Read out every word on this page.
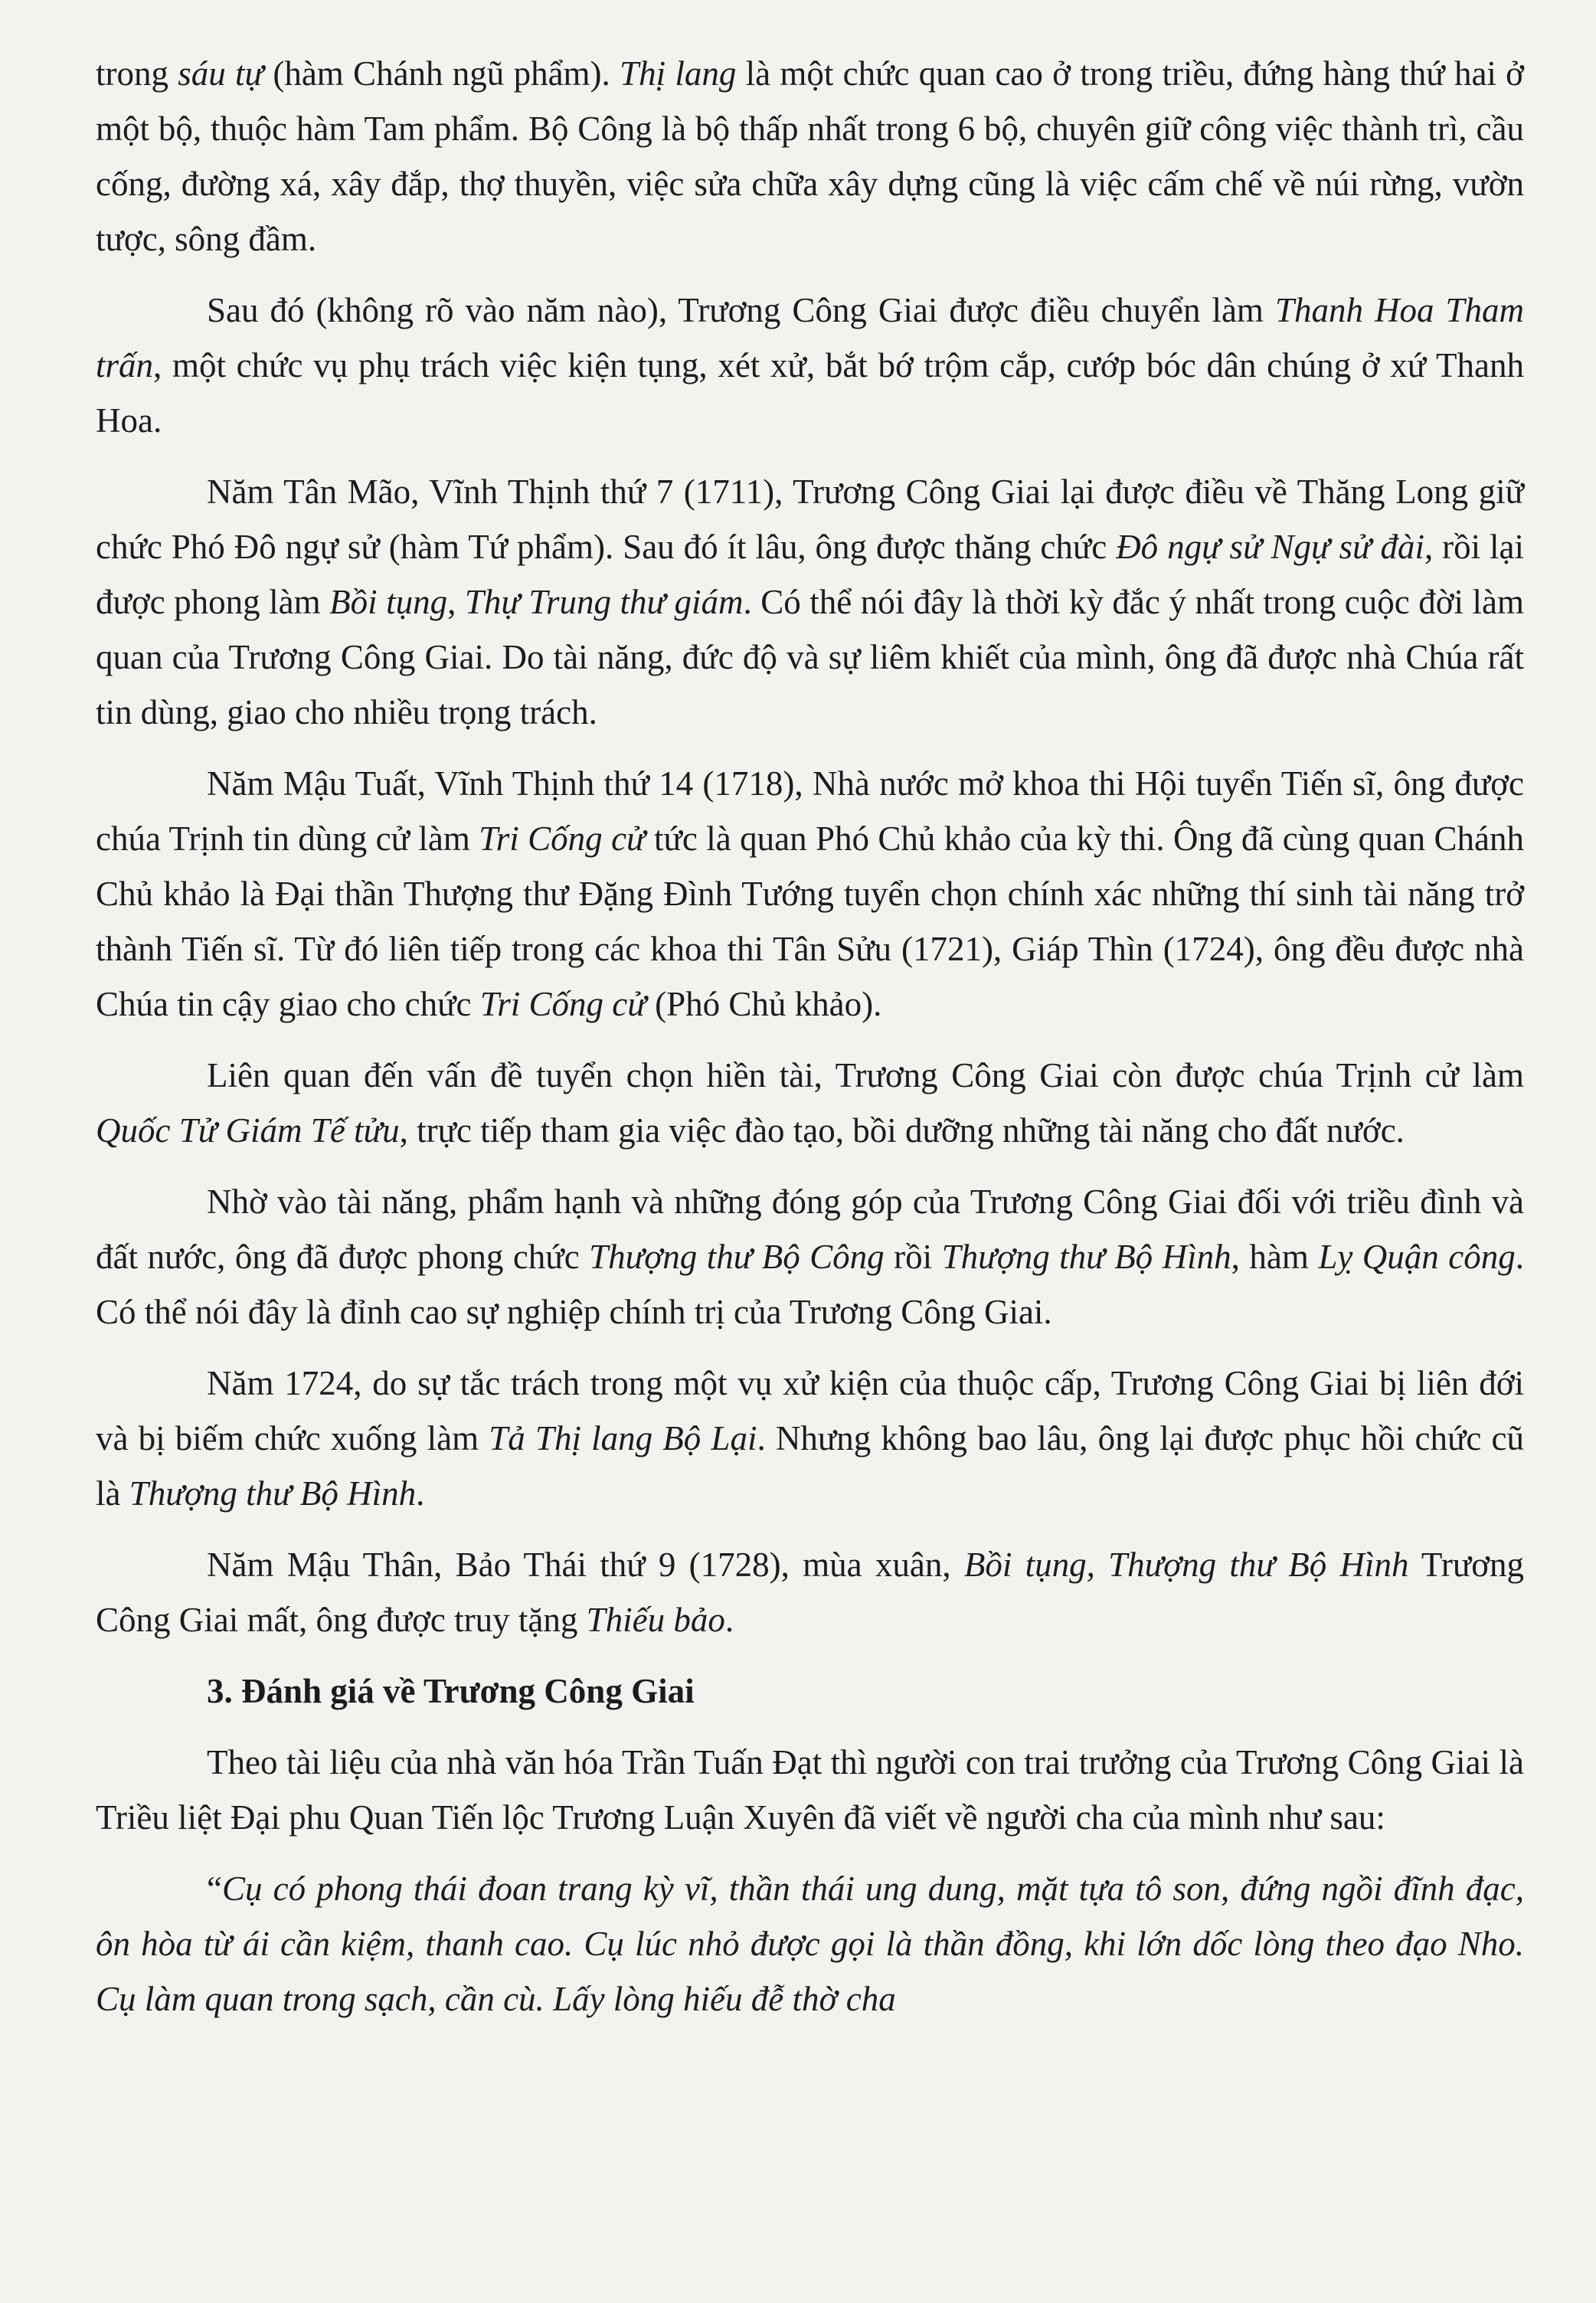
trong sáu tự (hàm Chánh ngũ phẩm). Thị lang là một chức quan cao ở trong triều, đứng hàng thứ hai ở một bộ, thuộc hàm Tam phẩm. Bộ Công là bộ thấp nhất trong 6 bộ, chuyên giữ công việc thành trì, cầu cống, đường xá, xây đắp, thợ thuyền, việc sửa chữa xây dựng cũng là việc cấm chế về núi rừng, vườn tược, sông đầm.

Sau đó (không rõ vào năm nào), Trương Công Giai được điều chuyển làm Thanh Hoa Tham trấn, một chức vụ phụ trách việc kiện tụng, xét xử, bắt bớ trộm cắp, cướp bóc dân chúng ở xứ Thanh Hoa.

Năm Tân Mão, Vĩnh Thịnh thứ 7 (1711), Trương Công Giai lại được điều về Thăng Long giữ chức Phó Đô ngự sử (hàm Tứ phẩm). Sau đó ít lâu, ông được thăng chức Đô ngự sử Ngự sử đài, rồi lại được phong làm Bồi tụng, Thự Trung thư giám. Có thể nói đây là thời kỳ đắc ý nhất trong cuộc đời làm quan của Trương Công Giai. Do tài năng, đức độ và sự liêm khiết của mình, ông đã được nhà Chúa rất tin dùng, giao cho nhiều trọng trách.

Năm Mậu Tuất, Vĩnh Thịnh thứ 14 (1718), Nhà nước mở khoa thi Hội tuyển Tiến sĩ, ông được chúa Trịnh tin dùng cử làm Tri Cống cử tức là quan Phó Chủ khảo của kỳ thi. Ông đã cùng quan Chánh Chủ khảo là Đại thần Thượng thư Đặng Đình Tướng tuyển chọn chính xác những thí sinh tài năng trở thành Tiến sĩ. Từ đó liên tiếp trong các khoa thi Tân Sửu (1721), Giáp Thìn (1724), ông đều được nhà Chúa tin cậy giao cho chức Tri Cống cử (Phó Chủ khảo).

Liên quan đến vấn đề tuyển chọn hiền tài, Trương Công Giai còn được chúa Trịnh cử làm Quốc Tử Giám Tế tửu, trực tiếp tham gia việc đào tạo, bồi dưỡng những tài năng cho đất nước.

Nhờ vào tài năng, phẩm hạnh và những đóng góp của Trương Công Giai đối với triều đình và đất nước, ông đã được phong chức Thượng thư Bộ Công rồi Thượng thư Bộ Hình, hàm Lỵ Quận công. Có thể nói đây là đỉnh cao sự nghiệp chính trị của Trương Công Giai.

Năm 1724, do sự tắc trách trong một vụ xử kiện của thuộc cấp, Trương Công Giai bị liên đới và bị biếm chức xuống làm Tả Thị lang Bộ Lại. Nhưng không bao lâu, ông lại được phục hồi chức cũ là Thượng thư Bộ Hình.

Năm Mậu Thân, Bảo Thái thứ 9 (1728), mùa xuân, Bồi tụng, Thượng thư Bộ Hình Trương Công Giai mất, ông được truy tặng Thiếu bảo.

3. Đánh giá về Trương Công Giai

Theo tài liệu của nhà văn hóa Trần Tuấn Đạt thì người con trai trưởng của Trương Công Giai là Triều liệt Đại phu Quan Tiến lộc Trương Luận Xuyên đã viết về người cha của mình như sau:

“Cụ có phong thái đoan trang kỳ vĩ, thần thái ung dung, mặt tựa tô son, đứng ngồi đĩnh đạc, ôn hòa từ ái cần kiệm, thanh cao. Cụ lúc nhỏ được gọi là thần đồng, khi lớn dốc lòng theo đạo Nho. Cụ làm quan trong sạch, cần cù. Lấy lòng hiếu đễ thờ cha
